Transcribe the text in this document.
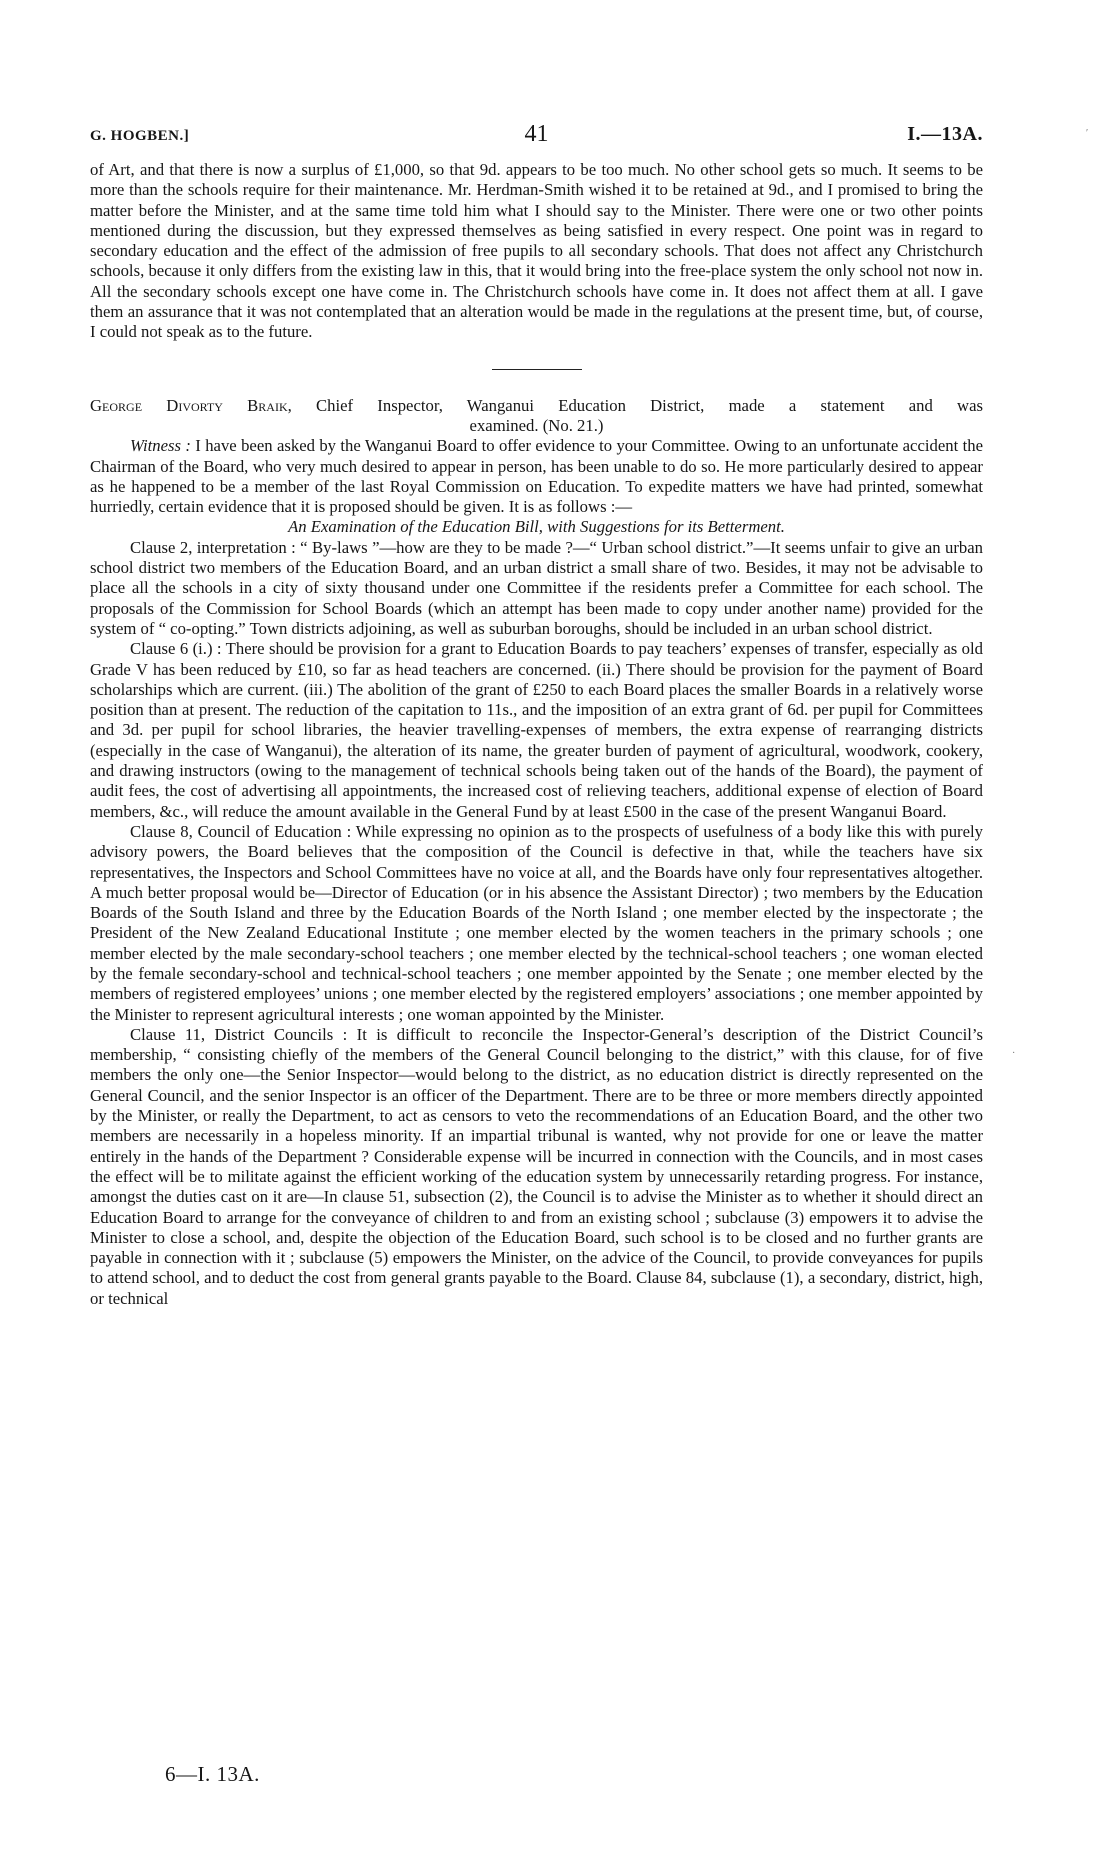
G. HOGBEN.]	41	I.—13A.

of Art, and that there is now a surplus of £1,000, so that 9d. appears to be too much. No other school gets so much. It seems to be more than the schools require for their maintenance. Mr. Herdman-Smith wished it to be retained at 9d., and I promised to bring the matter before the Minister, and at the same time told him what I should say to the Minister. There were one or two other points mentioned during the discussion, but they expressed themselves as being satisfied in every respect. One point was in regard to secondary education and the effect of the admission of free pupils to all secondary schools. That does not affect any Christchurch schools, because it only differs from the existing law in this, that it would bring into the free-place system the only school not now in. All the secondary schools except one have come in. The Christchurch schools have come in. It does not affect them at all. I gave them an assurance that it was not contemplated that an alteration would be made in the regulations at the present time, but, of course, I could not speak as to the future.

George Divorty Braik, Chief Inspector, Wanganui Education District, made a statement and was
examined. (No. 21.)

Witness : I have been asked by the Wanganui Board to offer evidence to your Committee. Owing to an unfortunate accident the Chairman of the Board, who very much desired to appear in person, has been unable to do so. He more particularly desired to appear as he happened to be a member of the last Royal Commission on Education. To expedite matters we have had printed, somewhat hurriedly, certain evidence that it is proposed should be given. It is as follows :—

An Examination of the Education Bill, with Suggestions for its Betterment.

Clause 2, interpretation : “ By-laws ”—how are they to be made ?—“ Urban school district.”—It seems unfair to give an urban school district two members of the Education Board, and an urban district a small share of two. Besides, it may not be advisable to place all the schools in a city of sixty thousand under one Committee if the residents prefer a Committee for each school. The proposals of the Commission for School Boards (which an attempt has been made to copy under another name) provided for the system of “ co-opting.” Town districts adjoining, as well as suburban boroughs, should be included in an urban school district.

Clause 6 (i.) : There should be provision for a grant to Education Boards to pay teachers’ expenses of transfer, especially as old Grade V has been reduced by £10, so far as head teachers are concerned. (ii.) There should be provision for the payment of Board scholarships which are current. (iii.) The abolition of the grant of £250 to each Board places the smaller Boards in a relatively worse position than at present. The reduction of the capitation to 11s., and the imposition of an extra grant of 6d. per pupil for Committees and 3d. per pupil for school libraries, the heavier travelling-expenses of members, the extra expense of rearranging districts (especially in the case of Wanganui), the alteration of its name, the greater burden of payment of agricultural, woodwork, cookery, and drawing instructors (owing to the management of technical schools being taken out of the hands of the Board), the payment of audit fees, the cost of advertising all appointments, the increased cost of relieving teachers, additional expense of election of Board members, &c., will reduce the amount available in the General Fund by at least £500 in the case of the present Wanganui Board.

Clause 8, Council of Education : While expressing no opinion as to the prospects of usefulness of a body like this with purely advisory powers, the Board believes that the composition of the Council is defective in that, while the teachers have six representatives, the Inspectors and School Committees have no voice at all, and the Boards have only four representatives altogether. A much better proposal would be—Director of Education (or in his absence the Assistant Director) ; two members by the Education Boards of the South Island and three by the Education Boards of the North Island ; one member elected by the inspectorate ; the President of the New Zealand Educational Institute ; one member elected by the women teachers in the primary schools ; one member elected by the male secondary-school teachers ; one member elected by the technical-school teachers ; one woman elected by the female secondary-school and technical-school teachers ; one member appointed by the Senate ; one member elected by the members of registered employees’ unions ; one member elected by the registered employers’ associations ; one member appointed by the Minister to represent agricultural interests ; one woman appointed by the Minister.

Clause 11, District Councils : It is difficult to reconcile the Inspector-General’s description of the District Council’s membership, “ consisting chiefly of the members of the General Council belonging to the district,” with this clause, for of five members the only one—the Senior Inspector—would belong to the district, as no education district is directly represented on the General Council, and the senior Inspector is an officer of the Department. There are to be three or more members directly appointed by the Minister, or really the Department, to act as censors to veto the recommendations of an Education Board, and the other two members are necessarily in a hopeless minority. If an impartial tribunal is wanted, why not provide for one or leave the matter entirely in the hands of the Department ? Considerable expense will be incurred in connection with the Councils, and in most cases the effect will be to militate against the efficient working of the education system by unnecessarily retarding progress. For instance, amongst the duties cast on it are—In clause 51, subsection (2), the Council is to advise the Minister as to whether it should direct an Education Board to arrange for the conveyance of children to and from an existing school ; subclause (3) empowers it to advise the Minister to close a school, and, despite the objection of the Education Board, such school is to be closed and no further grants are payable in connection with it ; subclause (5) empowers the Minister, on the advice of the Council, to provide conveyances for pupils to attend school, and to deduct the cost from general grants payable to the Board. Clause 84, subclause (1), a secondary, district, high, or technical

6—I. 13A.
′
·
